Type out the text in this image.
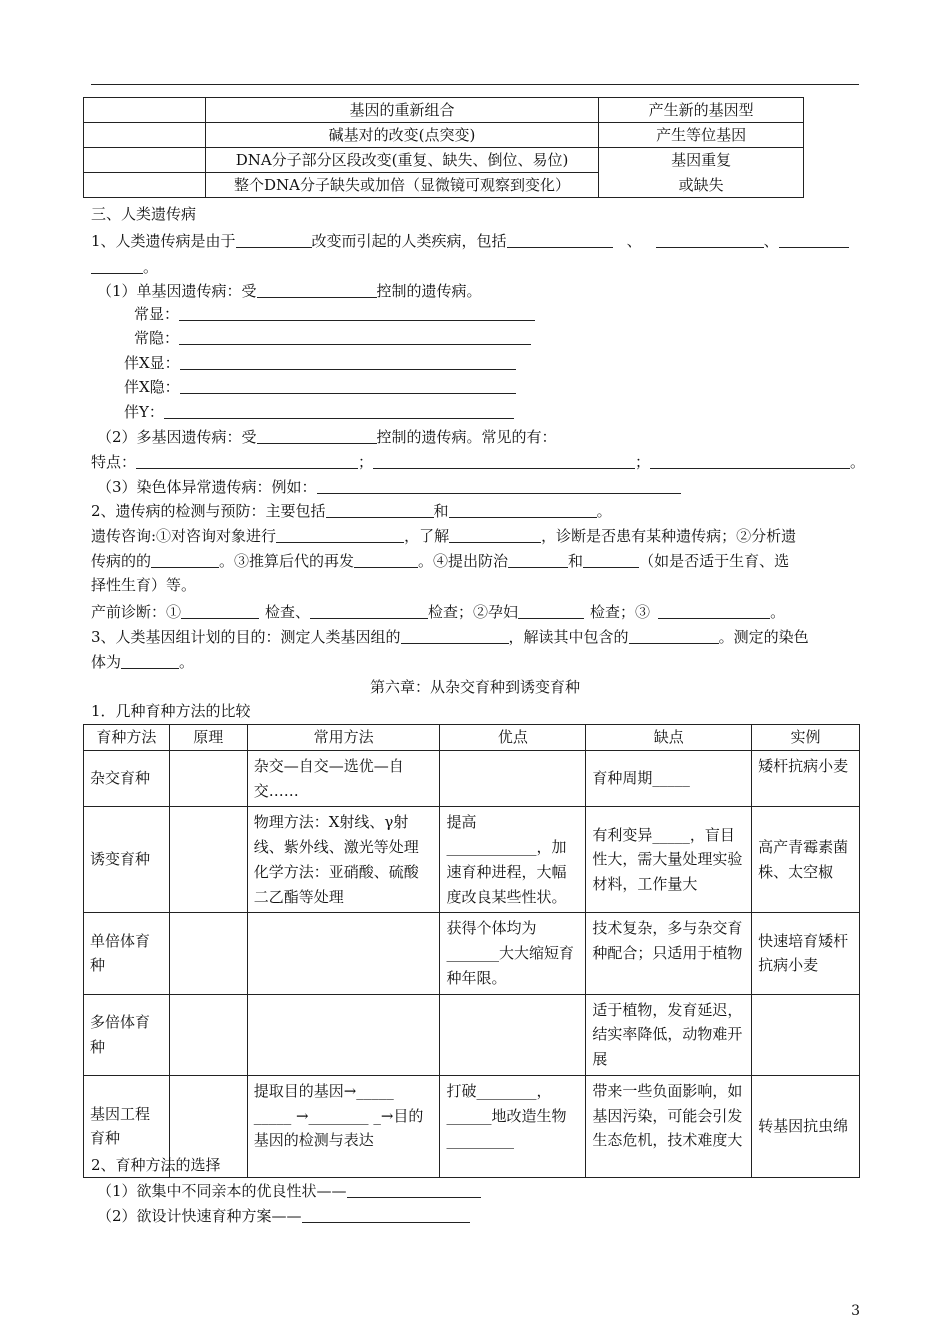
	基因的重新组合	产生新的基因型
	碱基对的改变(点突变)	产生等位基因
	DNA分子部分区段改变(重复、缺失、倒位、易位)	基因重复
	整个DNA分子缺失或加倍（显微镜可观察到变化）	或缺失
三、人类遗传病
1、人类遗传病是由于	改变而引起的人类疾病，包括	、	、
。
（1）单基因遗传病：受	控制的遗传病。
常显：
常隐：
伴X显：
伴X隐：
伴Y：
（2）多基因遗传病：受	控制的遗传病。常见的有：
特点：	；	；	。
（3）染色体异常遗传病：例如：
2、遗传病的检测与预防：主要包括	和	。
遗传咨询:①对咨询对象进行	，了解	，诊断是否患有某种遗传病；②分析遗
传病的的	。③推算后代的再发	。④提出防治	和	（如是否适于生育、选
择性生育）等。
产前诊断：①	检查、	检查；②孕妇	检查；③	。
3、人类基因组计划的目的：测定人类基因组的	，解读其中包含的	。测定的染色
体为	。
第六章：从杂交育种到诱变育种
1．几种育种方法的比较
育种方法	原理	常用方法	优点	缺点	实例
杂交育种		杂交—自交—选优—自交……		育种周期_____	矮杆抗病小麦
诱变育种		物理方法：X射线、γ射线、紫外线、激光等处理化学方法：亚硝酸、硫酸二乙酯等处理	提高____________，加速育种进程，大幅度改良某些性状。	有利变异_____，盲目性大，需大量处理实验材料，工作量大	高产青霉素菌株、太空椒
单倍体育种			获得个体均为_______大大缩短育种年限。	技术复杂，多与杂交育种配合；只适用于植物	快速培育矮杆抗病小麦
多倍体育种				适于植物，发育延迟，结实率降低，动物难开展	
基因工程育种		提取目的基因→_____ _____ →________ _→目的基因的检测与表达	打破________，______地改造生物_________	带来一些负面影响，如基因污染，可能会引发生态危机，技术难度大	转基因抗虫绵
2、育种方法的选择
（1）欲集中不同亲本的优良性状——
（2）欲设计快速育种方案——
3
